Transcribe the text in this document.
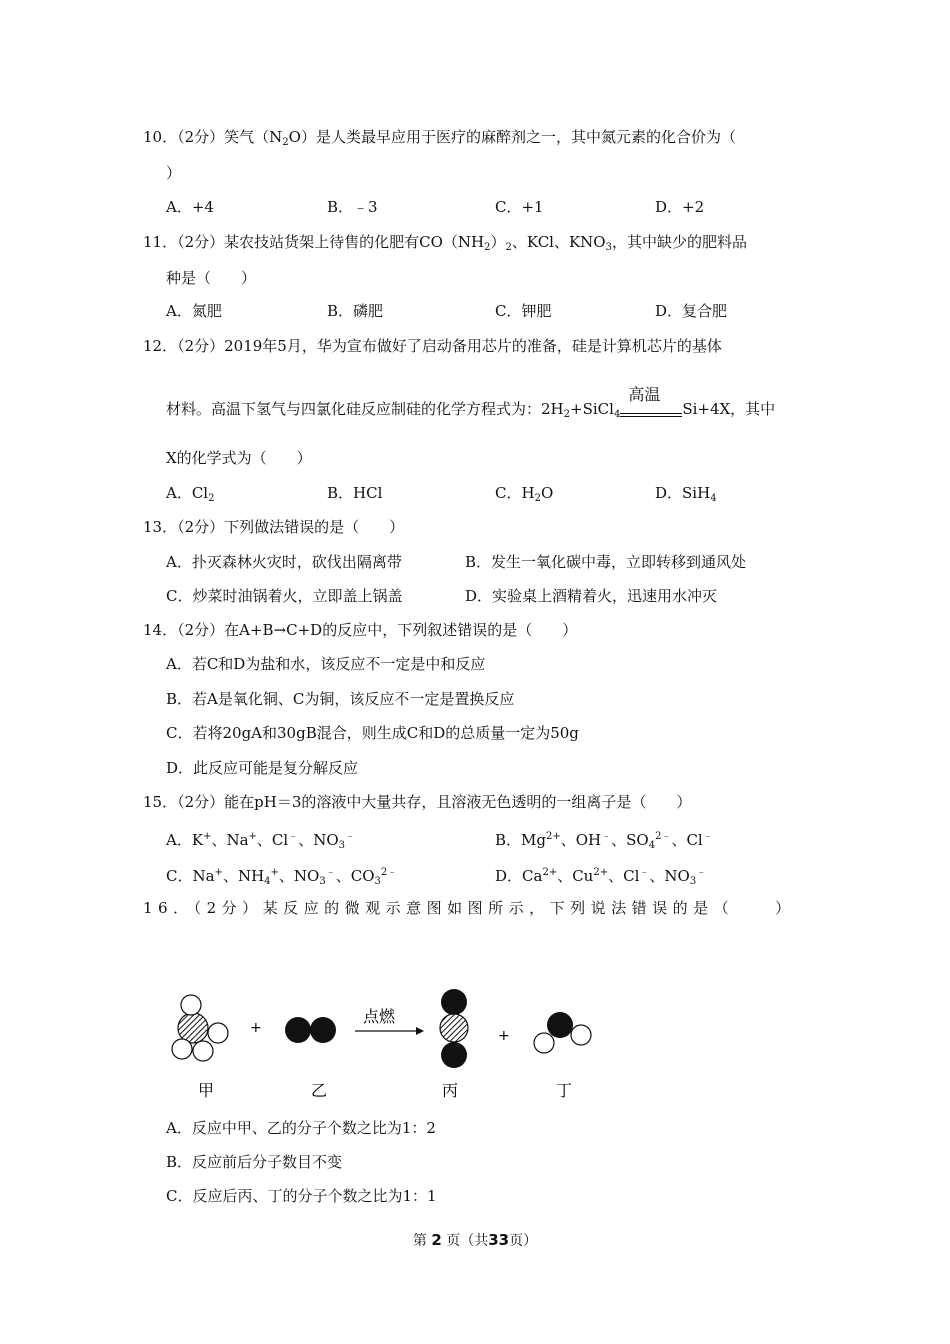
10．（2分）笑气$(N_2O)$是人类最早应用于医疗的麻醉剂之一，其中氮元素的化合价为（
）
A．+4	B．﹣3	C．+1	D．+2
11．（2分）某农技站货架上待售的化肥有$CO(NH_2)_2$、KCl、$KNO_3$，其中缺少的肥料品
种是（　　）
A．氮肥	B．磷肥	C．钾肥	D．复合肥
12．（2分）2019年5月，华为宣布做好了启动备用芯片的准备，硅是计算机芯片的基体
材料。高温下氢气与四氯化硅反应制硅的化学方程式为：$2H_2+SiCl_4$
高温
Si+4X，其中
X的化学式为（　　）
A．$Cl_2$	B．HCl	C．$H_2O$	D．SiH$_4$
13．（2分）下列做法错误的是（　　）
A．扑灭森林火灾时，砍伐出隔离带	B．发生一氧化碳中毒，立即转移到通风处
C．炒菜时油锅着火，立即盖上锅盖	D．实验桌上酒精着火，迅速用水冲灭
14．（2分）在A+B→C+D的反应中，下列叙述错误的是（　　）
A．若C和D为盐和水，该反应不一定是中和反应
B．若A是氧化铜、C为铜，该反应不一定是置换反应
C．若将20gA和30gB混合，则生成C和D的总质量一定为50g
D．此反应可能是复分解反应
15．（2分）能在pH＝3的溶液中大量共存，且溶液无色透明的一组离子是（　　）
A．K+、Na+、Cl﹣、$NO_3^﹣$	B．$Mg^{2+}$、OH﹣、$SO_4^{2﹣}$、Cl﹣
C．Na+、$NH_4^+$、$NO_3^﹣$、$CO_3^{2﹣}$	D．$Ca^{2+}$、$Cu^{2+}$、Cl﹣、$NO_3^﹣$
16．（2分）某反应的微观示意图如图所示，下列说法错误的是（　　）
+
点燃
+
甲	乙	丙	丁
A．反应中甲、乙的分子个数之比为1：2
B．反应前后分子数目不变
C．反应后丙、丁的分子个数之比为1：1
第 2 页（共33页）
